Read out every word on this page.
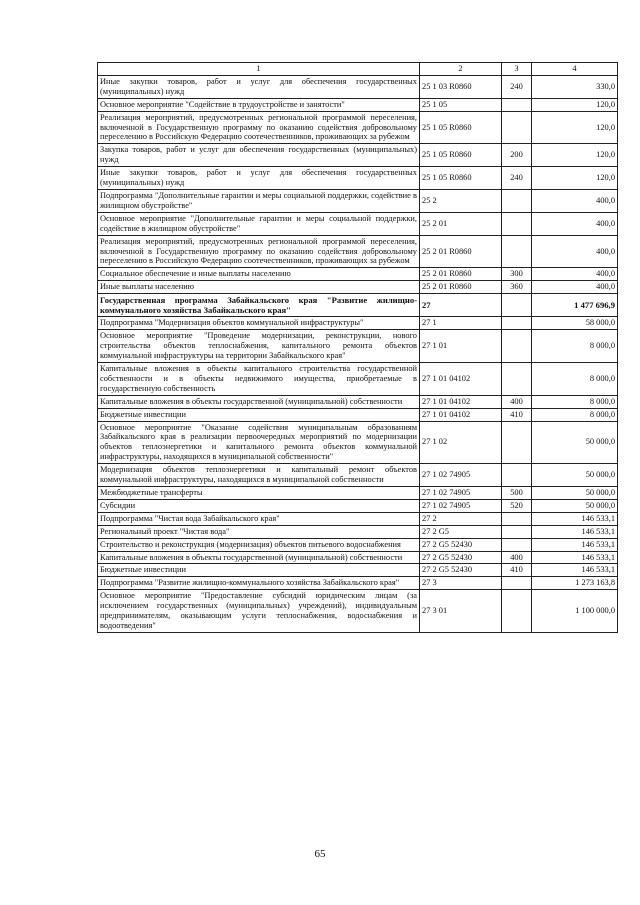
1	2	3	4
Иные закупки товаров, работ и услуг для обеспечения государственных (муниципальных) нужд	25 1 03 R0860	240	330,0
Основное мероприятие "Содействие в трудоустройстве и занятости"	25 1 05		120,0
Реализация мероприятий, предусмотренных региональной программой переселения, включенной в Государственную программу по оказанию содействия добровольному переселению в Российскую Федерацию соотечественников, проживающих за рубежом	25 1 05 R0860		120,0
Закупка товаров, работ и услуг для обеспечения государственных (муниципальных) нужд	25 1 05 R0860	200	120,0
Иные закупки товаров, работ и услуг для обеспечения государственных (муниципальных) нужд	25 1 05 R0860	240	120,0
Подпрограмма "Дополнительные гарантии и меры социальной поддержки, содействие в жилищном обустройстве"	25 2		400,0
Основное мероприятие "Дополнительные гарантии и меры социальной поддержки, содействие в жилищном обустройстве"	25 2 01		400,0
Реализация мероприятий, предусмотренных региональной программой переселения, включенной в Государственную программу по оказанию содействия добровольному переселению в Российскую Федерацию соотечественников, проживающих за рубежом	25 2 01 R0860		400,0
Социальное обеспечение и иные выплаты населению	25 2 01 R0860	300	400,0
Иные выплаты населению	25 2 01 R0860	360	400,0
Государственная программа Забайкальского края "Развитие жилищно-коммунального хозяйства Забайкальского края"	27		1 477 696,9
Подпрограмма "Модернизация объектов коммунальной инфраструктуры"	27 1		58 000,0
Основное мероприятие "Проведение модернизации, реконструкции, нового строительства объектов теплоснабжения, капитального ремонта объектов коммунальной инфраструктуры на территории Забайкальского края"	27 1 01		8 000,0
Капитальные вложения в объекты капитального строительства государственной собственности и в объекты недвижимого имущества, приобретаемые в государственную собственность	27 1 01 04102		8 000,0
Капитальные вложения в объекты государственной (муниципальной) собственности	27 1 01 04102	400	8 000,0
Бюджетные инвестиции	27 1 01 04102	410	8 000,0
Основное мероприятие "Оказание содействия муниципальным образованиям Забайкальского края в реализации первоочередных мероприятий по модернизации объектов теплоэнергетики и капитального ремонта объектов коммунальной инфраструктуры, находящихся в муниципальной собственности"	27 1 02		50 000,0
Модернизация объектов теплоэнергетики и капитальный ремонт объектов коммунальной инфраструктуры, находящихся в муниципальной собственности	27 1 02 74905		50 000,0
Межбюджетные трансферты	27 1 02 74905	500	50 000,0
Субсидии	27 1 02 74905	520	50 000,0
Подпрограмма "Чистая вода Забайкальского края"	27 2		146 533,1
Региональный проект "Чистая вода"	27 2 G5		146 533,1
Строительство и реконструкция (модернизация) объектов питьевого водоснабжения	27 2 G5 52430		146 533,1
Капитальные вложения в объекты государственной (муниципальной) собственности	27 2 G5 52430	400	146 533,1
Бюджетные инвестиции	27 2 G5 52430	410	146 533,1
Подпрограмма "Развитие жилищно-коммунального хозяйства Забайкальского края"	27 3		1 273 163,8
Основное мероприятие "Предоставление субсидий юридическим лицам (за исключением государственных (муниципальных) учреждений), индивидуальным предпринимателям, оказывающим услуги теплоснабжения, водоснабжения и водоотведения"	27 3 01		1 100 000,0
65
